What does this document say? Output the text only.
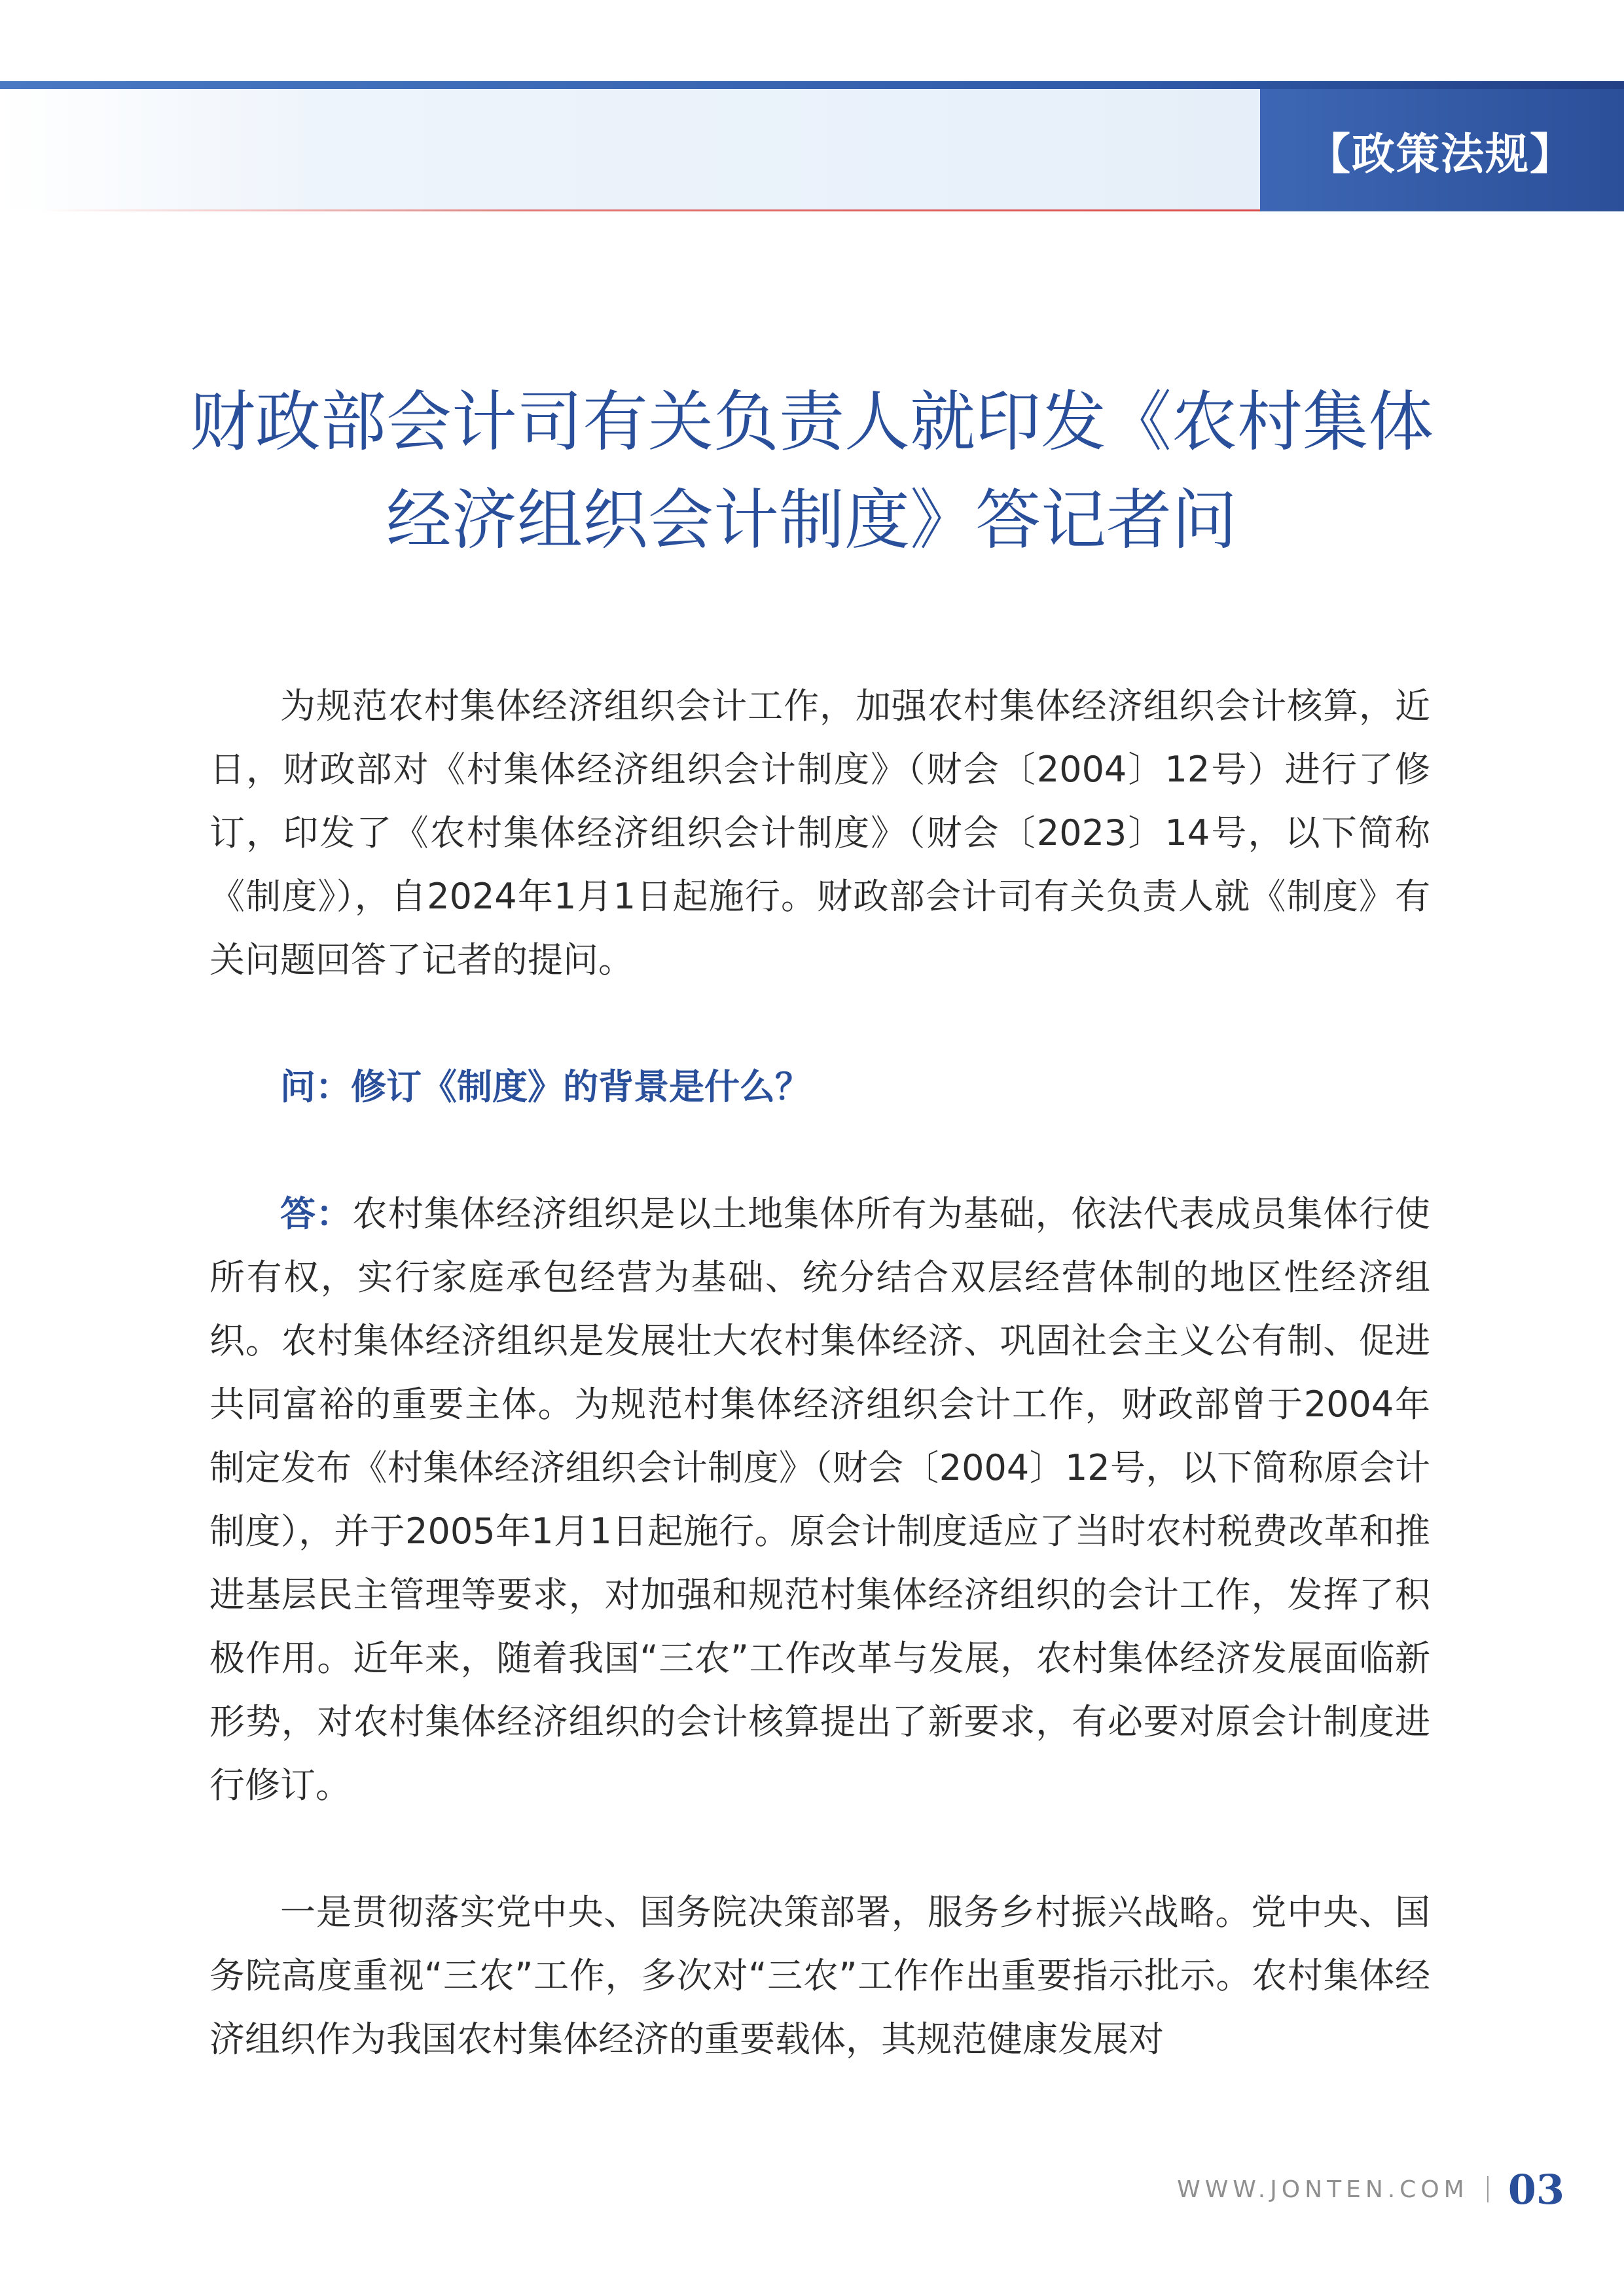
【政策法规】
财政部会计司有关负责人就印发《农村集体
经济组织会计制度》答记者问

为规范农村集体经济组织会计工作，加强农村集体经济组织会计核算，近日，财政部对《村集体经济组织会计制度》（财会〔2004〕12号）进行了修订，印发了《农村集体经济组织会计制度》（财会〔2023〕14号，以下简称《制度》），自2024年1月1日起施行。财政部会计司有关负责人就《制度》有关问题回答了记者的提问。

问：修订《制度》的背景是什么？

答：农村集体经济组织是以土地集体所有为基础，依法代表成员集体行使所有权，实行家庭承包经营为基础、统分结合双层经营体制的地区性经济组织。农村集体经济组织是发展壮大农村集体经济、巩固社会主义公有制、促进共同富裕的重要主体。为规范村集体经济组织会计工作，财政部曾于2004年制定发布《村集体经济组织会计制度》（财会〔2004〕12号，以下简称原会计制度），并于2005年1月1日起施行。原会计制度适应了当时农村税费改革和推进基层民主管理等要求，对加强和规范村集体经济组织的会计工作，发挥了积极作用。近年来，随着我国“三农”工作改革与发展，农村集体经济发展面临新形势，对农村集体经济组织的会计核算提出了新要求，有必要对原会计制度进行修订。

一是贯彻落实党中央、国务院决策部署，服务乡村振兴战略。党中央、国务院高度重视“三农”工作，多次对“三农”工作作出重要指示批示。农村集体经济组织作为我国农村集体经济的重要载体，其规范健康发展对

WWW.JONTEN.COM 03
